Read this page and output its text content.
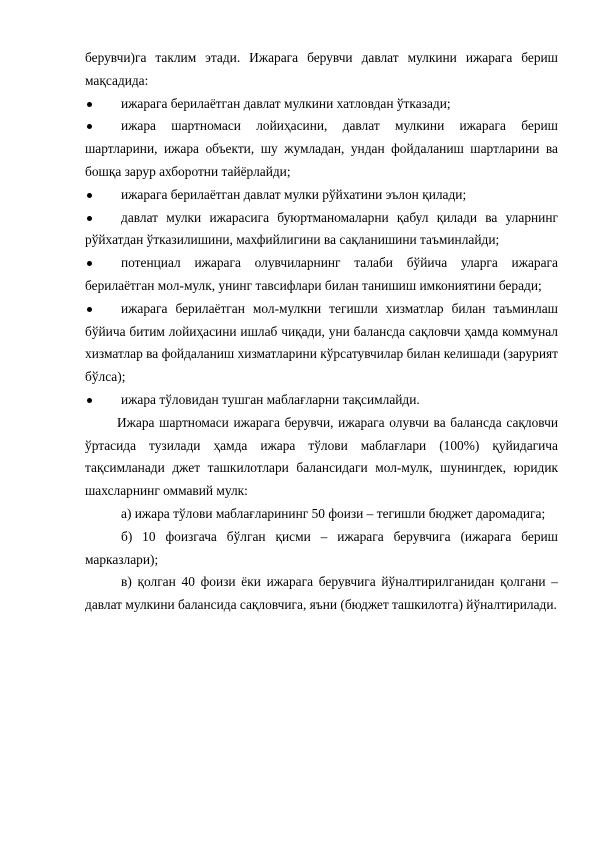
берувчи)га таклим этади. Ижарага берувчи давлат мулкини ижарага бериш мақсадида:

ижарага берилаётган давлат мулкини хатловдан ўтказади;

ижара шартномаси лойиҳасини, давлат мулкини ижарага бериш шартларини, ижара объекти, шу жумладан, ундан фойдаланиш шартларини ва бошқа зарур ахборотни тайёрлайди;

ижарага берилаётган давлат мулки рўйхатини эълон қилади;

давлат мулки ижарасига буюртманомаларни қабул қилади ва уларнинг рўйхатдан ўтказилишини, махфийлигини ва сақланишини таъминлайди;

потенциал ижарага олувчиларнинг талаби бўйича уларга ижарага берилаётган мол-мулк, унинг тавсифлари билан танишиш имкониятини беради;

ижарага берилаётган мол-мулкни тегишли хизматлар билан таъминлаш бўйича битим лойиҳасини ишлаб чиқади, уни балансда сақловчи ҳамда коммунал хизматлар ва фойдаланиш хизматларини кўрсатувчилар билан келишади (зарурият бўлса);

ижара тўловидан тушган маблағларни тақсимлайди.

Ижара шартномаси ижарага берувчи, ижарага олувчи ва балансда сақловчи ўртасида тузилади ҳамда ижара тўлови маблағлари (100%) қуйидагича тақсимланади джет ташкилотлари балансидаги мол-мулк, шунингдек, юридик шахсларнинг оммавий мулк:

а) ижара тўлови маблағларининг 50 фоизи – тегишли бюджет даромадига;

б) 10 фоизгача бўлган қисми – ижарага берувчига (ижарага бериш марказлари);

в) қолган 40 фоизи ёки ижарага берувчига йўналтирилганидан қолгани – давлат мулкини балансида сақловчига, яъни (бюджет ташкилотга) йўналтирилади.
